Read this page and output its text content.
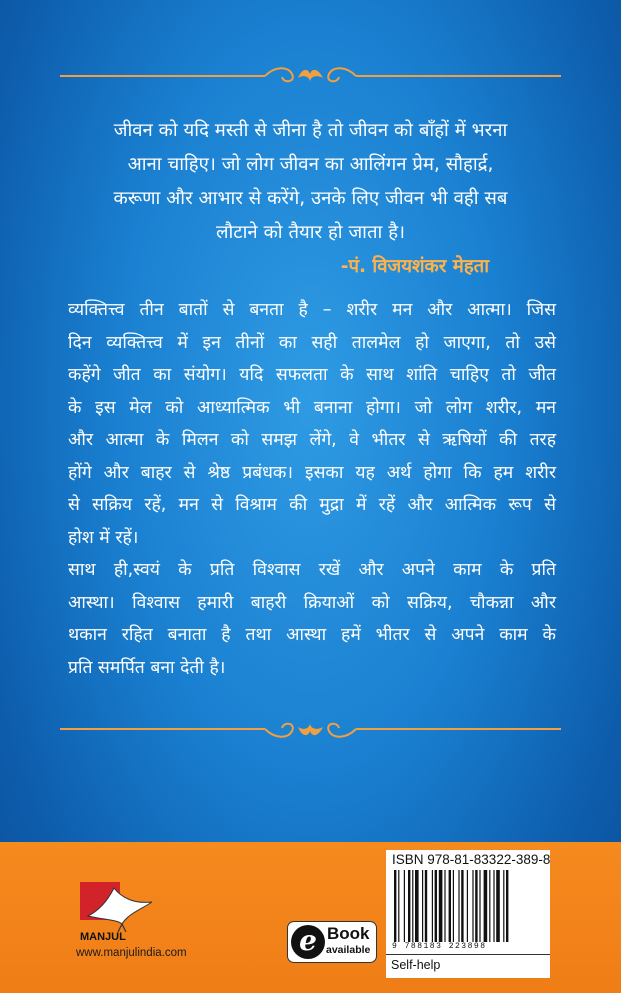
जीवन को यदि मस्ती से जीना है तो जीवन को बाँहों में भरना
आना चाहिए। जो लोग जीवन का आलिंगन प्रेम, सौहार्द्र,
करूणा और आभार से करेंगे, उनके लिए जीवन भी वही सब
लौटाने को तैयार हो जाता है।
-पं. विजयशंकर मेहता
व्यक्तित्त्व तीन बातों से बनता है – शरीर मन और आत्मा। जिस
दिन व्यक्तित्त्व में इन तीनों का सही तालमेल हो जाएगा, तो उसे
कहेंगे जीत का संयोग। यदि सफलता के साथ शांति चाहिए तो जीत
के इस मेल को आध्यात्मिक भी बनाना होगा। जो लोग शरीर, मन
और आत्मा के मिलन को समझ लेंगे, वे भीतर से ऋषियों की तरह
होंगे और बाहर से श्रेष्ठ प्रबंधक। इसका यह अर्थ होगा कि हम शरीर
से सक्रिय रहें, मन से विश्राम की मुद्रा में रहें और आत्मिक रूप से
होश में रहें।
साथ ही,स्वयं के प्रति विश्वास रखें और अपने काम के प्रति
आस्था। विश्वास हमारी बाहरी क्रियाओं को सक्रिय, चौकन्ना और
थकान रहित बनाता है तथा आस्था हमें भीतर से अपने काम के
प्रति समर्पित बना देती है।
MANJUL
www.manjulindia.com	e Book
available
ISBN 978-81-83322-389-8
9 788183 223898
Self-help
